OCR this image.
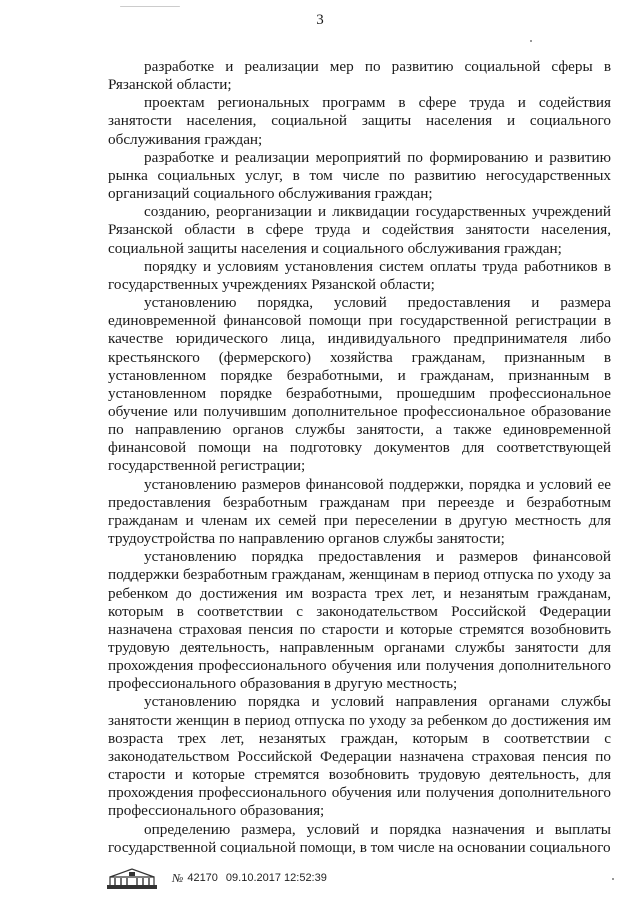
3

разработке и реализации мер по развитию социальной сферы в Рязанской области;

проектам региональных программ в сфере труда и содействия занятости населения, социальной защиты населения и социального обслуживания граждан;

разработке и реализации мероприятий по формированию и развитию рынка социальных услуг, в том числе по развитию негосударственных организаций социального обслуживания граждан;

созданию, реорганизации и ликвидации государственных учреждений Рязанской области в сфере труда и содействия занятости населения, социальной защиты населения и социального обслуживания граждан;

порядку и условиям установления систем оплаты труда работников в государственных учреждениях Рязанской области;

установлению порядка, условий предоставления и размера единовременной финансовой помощи при государственной регистрации в качестве юридического лица, индивидуального предпринимателя либо крестьянского (фермерского) хозяйства гражданам, признанным в установленном порядке безработными, и гражданам, признанным в установленном порядке безработными, прошедшим профессиональное обучение или получившим дополнительное профессиональное образование по направлению органов службы занятости, а также единовременной финансовой помощи на подготовку документов для соответствующей государственной регистрации;

установлению размеров финансовой поддержки, порядка и условий ее предоставления безработным гражданам при переезде и безработным гражданам и членам их семей при переселении в другую местность для трудоустройства по направлению органов службы занятости;

установлению порядка предоставления и размеров финансовой поддержки безработным гражданам, женщинам в период отпуска по уходу за ребенком до достижения им возраста трех лет, и незанятым гражданам, которым в соответствии с законодательством Российской Федерации назначена страховая пенсия по старости и которые стремятся возобновить трудовую деятельность, направленным органами службы занятости для прохождения профессионального обучения или получения дополнительного профессионального образования в другую местность;

установлению порядка и условий направления органами службы занятости женщин в период отпуска по уходу за ребенком до достижения им возраста трех лет, незанятых граждан, которым в соответствии с законодательством Российской Федерации назначена страховая пенсия по старости и которые стремятся возобновить трудовую деятельность, для прохождения профессионального обучения или получения дополнительного профессионального образования;

определению размера, условий и порядка назначения и выплаты государственной социальной помощи, в том числе на основании социального

№ 42170 09.10.2017 12:52:39
